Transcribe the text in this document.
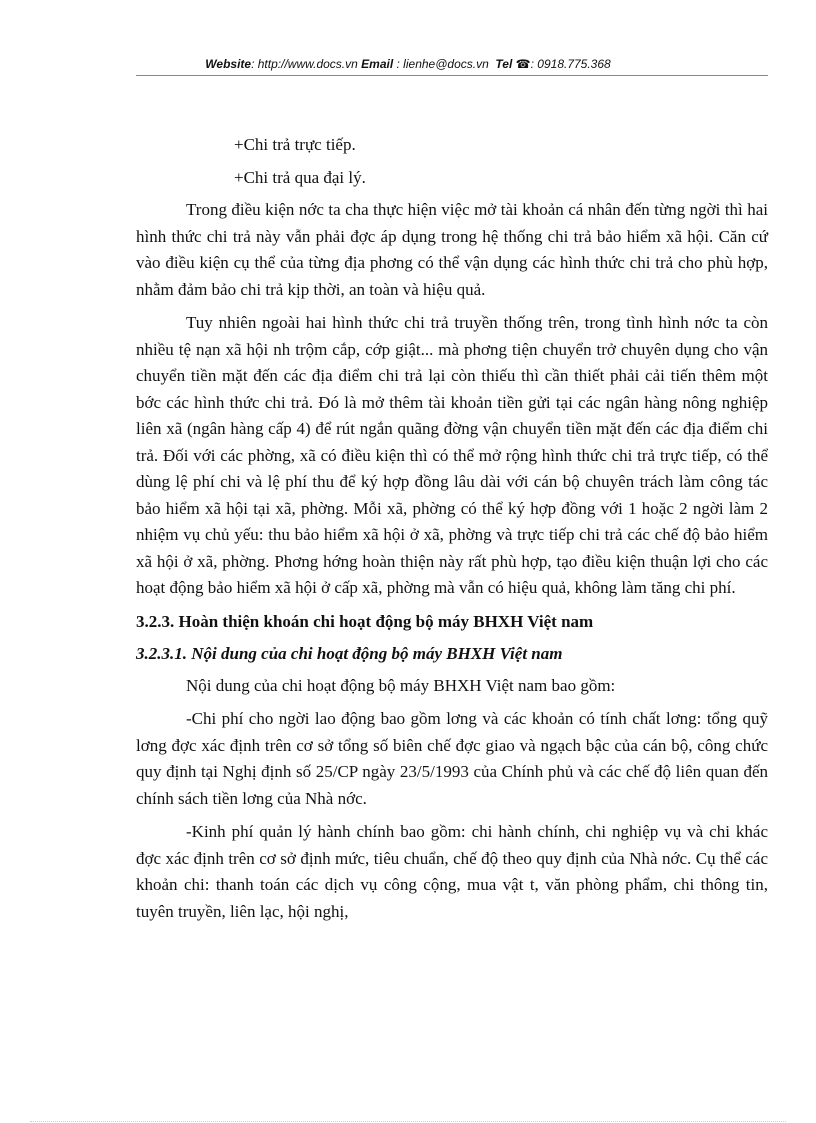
Website: http://www.docs.vn Email : lienhe@docs.vn Tel ☎: 0918.775.368

+Chi trả trực tiếp.

+Chi trả qua đại lý.

Trong điều kiện nớc ta cha thực hiện việc mở tài khoản cá nhân đến từng ngời thì hai hình thức chi trả này vẫn phải đợc áp dụng trong hệ thống chi trả bảo hiểm xã hội. Căn cứ vào điều kiện cụ thể của từng địa phơng có thể vận dụng các hình thức chi trả cho phù hợp, nhằm đảm bảo chi trả kịp thời, an toàn và hiệu quả.

Tuy nhiên ngoài hai hình thức chi trả truyền thống trên, trong tình hình nớc ta còn nhiều tệ nạn xã hội nh trộm cắp, cớp giật... mà phơng tiện chuyển trở chuyên dụng cho vận chuyển tiền mặt đến các địa điểm chi trả lại còn thiếu thì cần thiết phải cải tiến thêm một bớc các hình thức chi trả. Đó là mở thêm tài khoản tiền gửi tại các ngân hàng nông nghiệp liên xã (ngân hàng cấp 4) để rút ngắn quãng đờng vận chuyển tiền mặt đến các địa điểm chi trả. Đối với các phờng, xã có điều kiện thì có thể mở rộng hình thức chi trả trực tiếp, có thể dùng lệ phí chi và lệ phí thu để ký hợp đồng lâu dài với cán bộ chuyên trách làm công tác bảo hiểm xã hội tại xã, phờng. Mỗi xã, phờng có thể ký hợp đồng với 1 hoặc 2 ngời làm 2 nhiệm vụ chủ yếu: thu bảo hiểm xã hội ở xã, phờng và trực tiếp chi trả các chế độ bảo hiểm xã hội ở xã, phờng. Phơng hớng hoàn thiện này rất phù hợp, tạo điều kiện thuận lợi cho các hoạt động bảo hiểm xã hội ở cấp xã, phờng mà vẫn có hiệu quả, không làm tăng chi phí.

3.2.3. Hoàn thiện khoán chi hoạt động bộ máy BHXH Việt nam
3.2.3.1. Nội dung của chi hoạt động bộ máy BHXH Việt nam

Nội dung của chi hoạt động bộ máy BHXH Việt nam bao gồm:

-Chi phí cho ngời lao động bao gồm lơng và các khoản có tính chất lơng: tổng quỹ lơng đợc xác định trên cơ sở tổng số biên chế đợc giao và ngạch bậc của cán bộ, công chức quy định tại Nghị định số 25/CP ngày 23/5/1993 của Chính phủ và các chế độ liên quan đến chính sách tiền lơng của Nhà nớc.

-Kinh phí quản lý hành chính bao gồm: chi hành chính, chi nghiệp vụ và chi khác đợc xác định trên cơ sở định mức, tiêu chuẩn, chế độ theo quy định của Nhà nớc. Cụ thể các khoản chi: thanh toán các dịch vụ công cộng, mua vật t, văn phòng phẩm, chi thông tin, tuyên truyền, liên lạc, hội nghị,
